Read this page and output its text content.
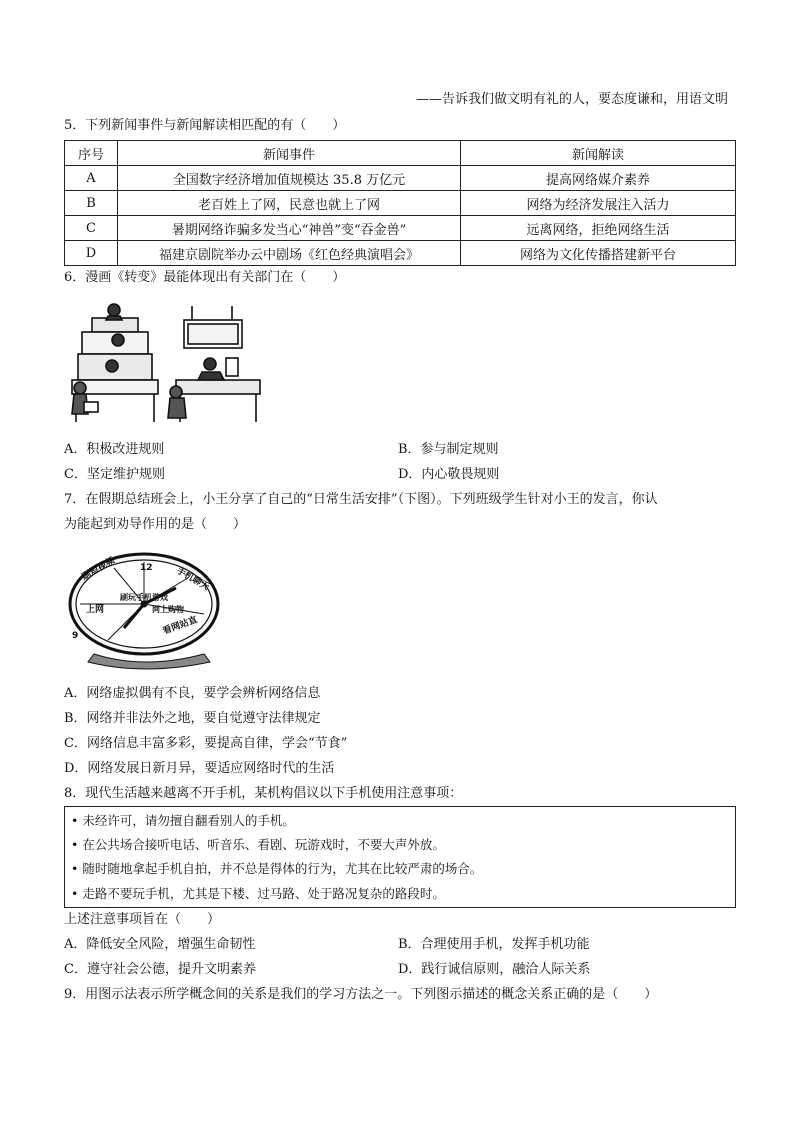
——告诉我们做文明有礼的人，要态度谦和，用语文明
5．下列新闻事件与新闻解读相匹配的有（　　）
序号	新闻事件	新闻解读
A	全国数字经济增加值规模达 35.8 万亿元	提高网络媒介素养
B	老百姓上了网，民意也就上了网	网络为经济发展注入活力
C	暑期网络诈骗多发当心“神兽”变“吞金兽”	远离网络，拒绝网络生活
D	福建京剧院举办云中剧场《红色经典演唱会》	网络为文化传播搭建新平台
6．漫画《转变》最能体现出有关部门在（　　）
A．积极改进规则	B．参与制定规则
C．坚定维护规则	D．内心敬畏规则
7．在假期总结班会上，小王分享了自己的“日常生活安排”（下图）。下列班级学生针对小王的发言，你认
为能起到劝导作用的是（　　）
12
9
刷短视频	手机聊天
刷玩手机游戏
网上购物
上网
看网站直
A．网络虚拟偶有不良，要学会辨析网络信息
B．网络并非法外之地，要自觉遵守法律规定
C．网络信息丰富多彩，要提高自律，学会“节食”
D．网络发展日新月异，要适应网络时代的生活
8．现代生活越来越离不开手机，某机构倡议以下手机使用注意事项：
• 未经许可，请勿擅自翻看别人的手机。
• 在公共场合接听电话、听音乐、看剧、玩游戏时，不要大声外放。
• 随时随地拿起手机自拍，并不总是得体的行为，尤其在比较严肃的场合。
• 走路不要玩手机，尤其是下楼、过马路、处于路况复杂的路段时。
上述注意事项旨在（　　）
A．降低安全风险，增强生命韧性	B．合理使用手机，发挥手机功能
C．遵守社会公德，提升文明素养	D．践行诚信原则，融洽人际关系
9．用图示法表示所学概念间的关系是我们的学习方法之一。下列图示描述的概念关系正确的是（　　）
